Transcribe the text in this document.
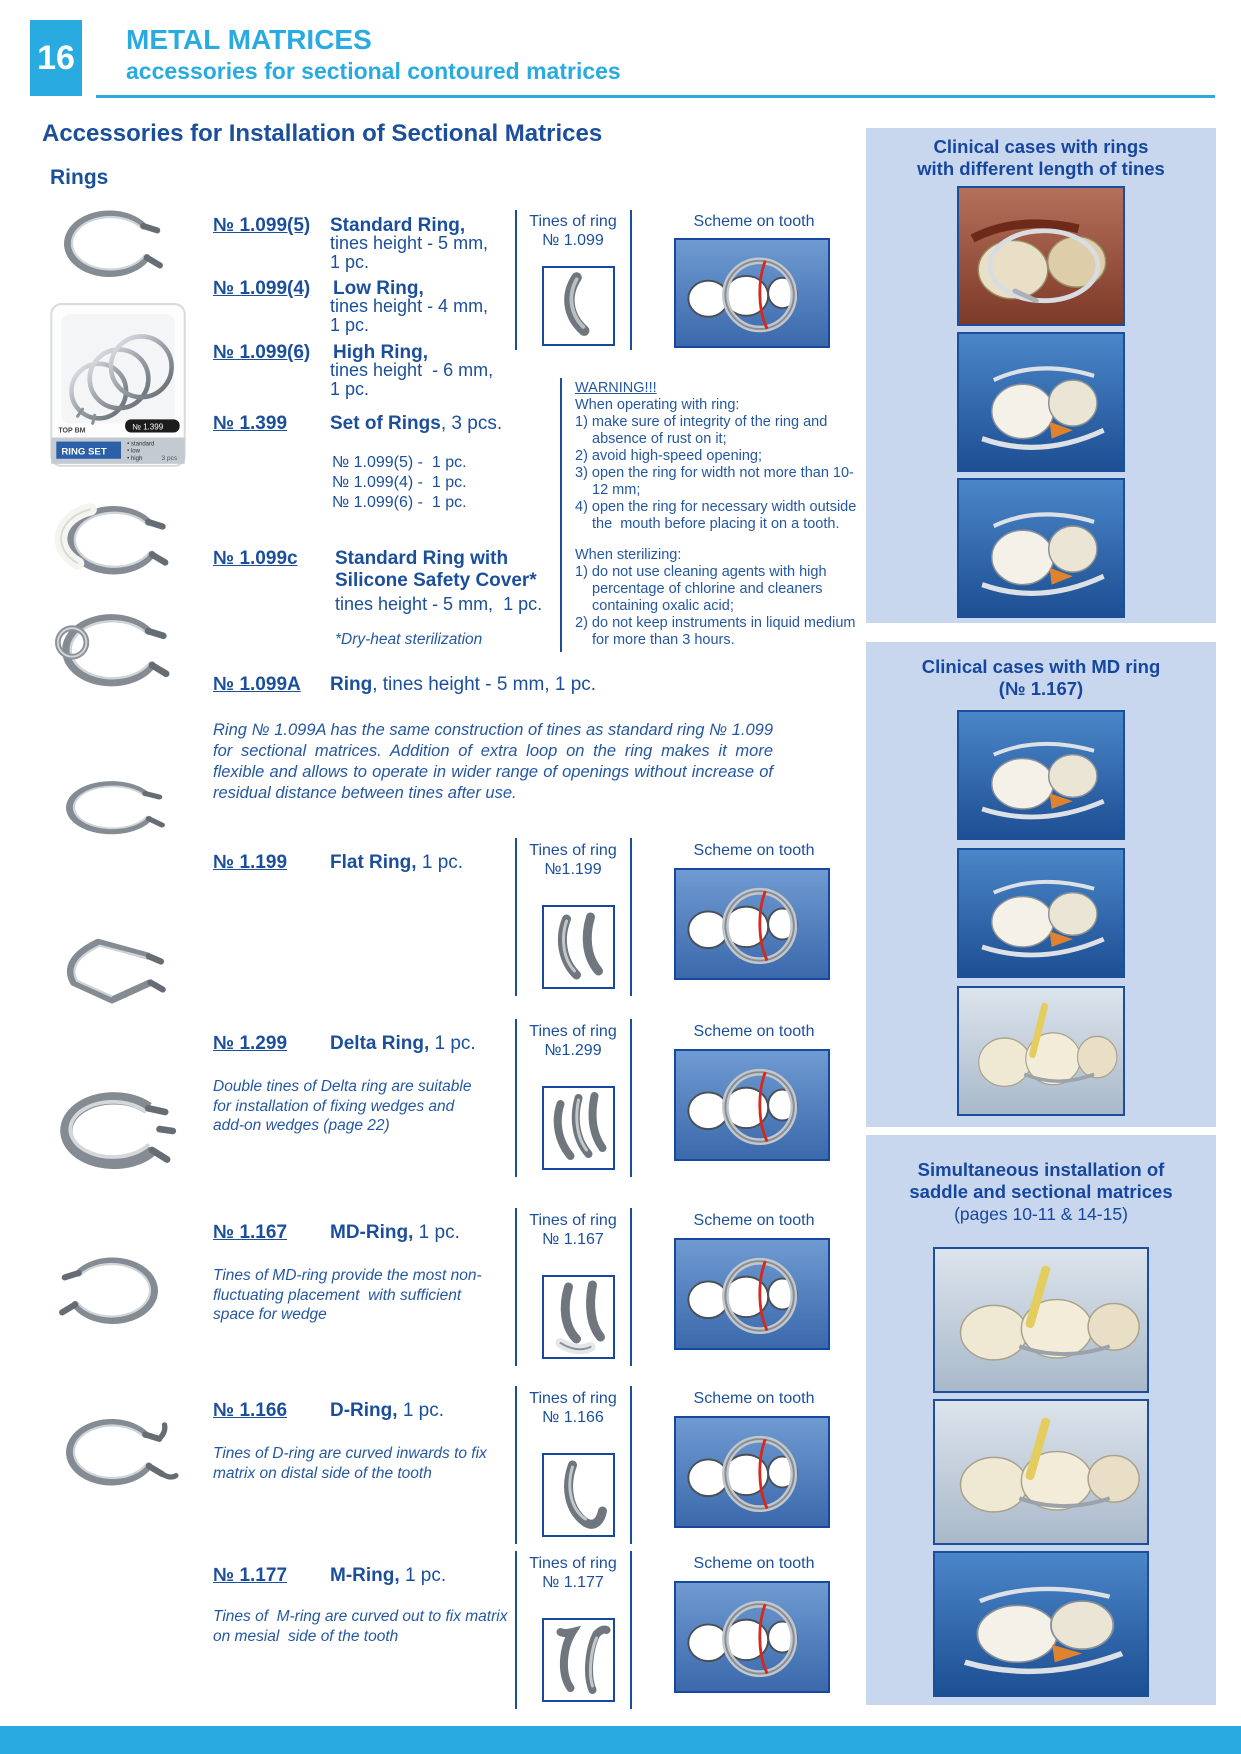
16 METAL MATRICES
accessories for sectional contoured matrices
Accessories for Installation of Sectional Matrices
Rings
TOP BM	№ 1.399
RING SET
• standard
• low
• high	3 pcs
№ 1.099(5) Standard Ring,
tines height - 5 mm,
1 pc.
№ 1.099(4) Low Ring,
tines height - 4 mm,
1 pc.
№ 1.099(6) High Ring,
tines height  - 6 mm,
1 pc.
№ 1.399 Set of Rings, 3 pcs.
№ 1.099(5) -  1 pc.
№ 1.099(4) -  1 pc.
№ 1.099(6) -  1 pc.
№ 1.099c Standard Ring with
Silicone Safety Cover*
tines height - 5 mm,  1 pc.
*Dry-heat sterilization
№ 1.099A Ring, tines height - 5 mm, 1 pc.
Ring № 1.099A has the same construction of tines as standard ring № 1.099 for sectional matrices. Addition of extra loop on the ring makes it more flexible and allows to operate in wider range of openings without increase of residual distance between tines after use.
Tines of ring
№ 1.099
Scheme on tooth
WARNING!!!
When operating with ring:
1) make sure of integrity of the ring and absence of rust on it;
2) avoid high-speed opening;
3) open the ring for width not more than 10-12 mm;
4) open the ring for necessary width outside the  mouth before placing it on a tooth.
When sterilizing:
1) do not use cleaning agents with high percentage of chlorine and cleaners containing oxalic acid;
2) do not keep instruments in liquid medium for more than 3 hours.
№ 1.199 Flat Ring, 1 pc.
Tines of ring
№1.199
Scheme on tooth
№ 1.299 Delta Ring, 1 pc.
Double tines of Delta ring are suitable for installation of fixing wedges and add-on wedges (page 22)
Tines of ring
№1.299
Scheme on tooth
№ 1.167 MD-Ring, 1 pc.
Tines of MD-ring provide the most non-fluctuating placement  with sufficient space for wedge
Tines of ring
№ 1.167
Scheme on tooth
№ 1.166 D-Ring, 1 pc.
Tines of D-ring are curved inwards to fix matrix on distal side of the tooth
Tines of ring
№ 1.166
Scheme on tooth
№ 1.177 M-Ring, 1 pc.
Tines of  M-ring are curved out to fix matrix on mesial  side of the tooth
Tines of ring
№ 1.177
Scheme on tooth
Clinical cases with rings
with different length of tines
Clinical cases with MD ring
(№ 1.167)
Simultaneous installation of
saddle and sectional matrices
(pages 10-11 & 14-15)
